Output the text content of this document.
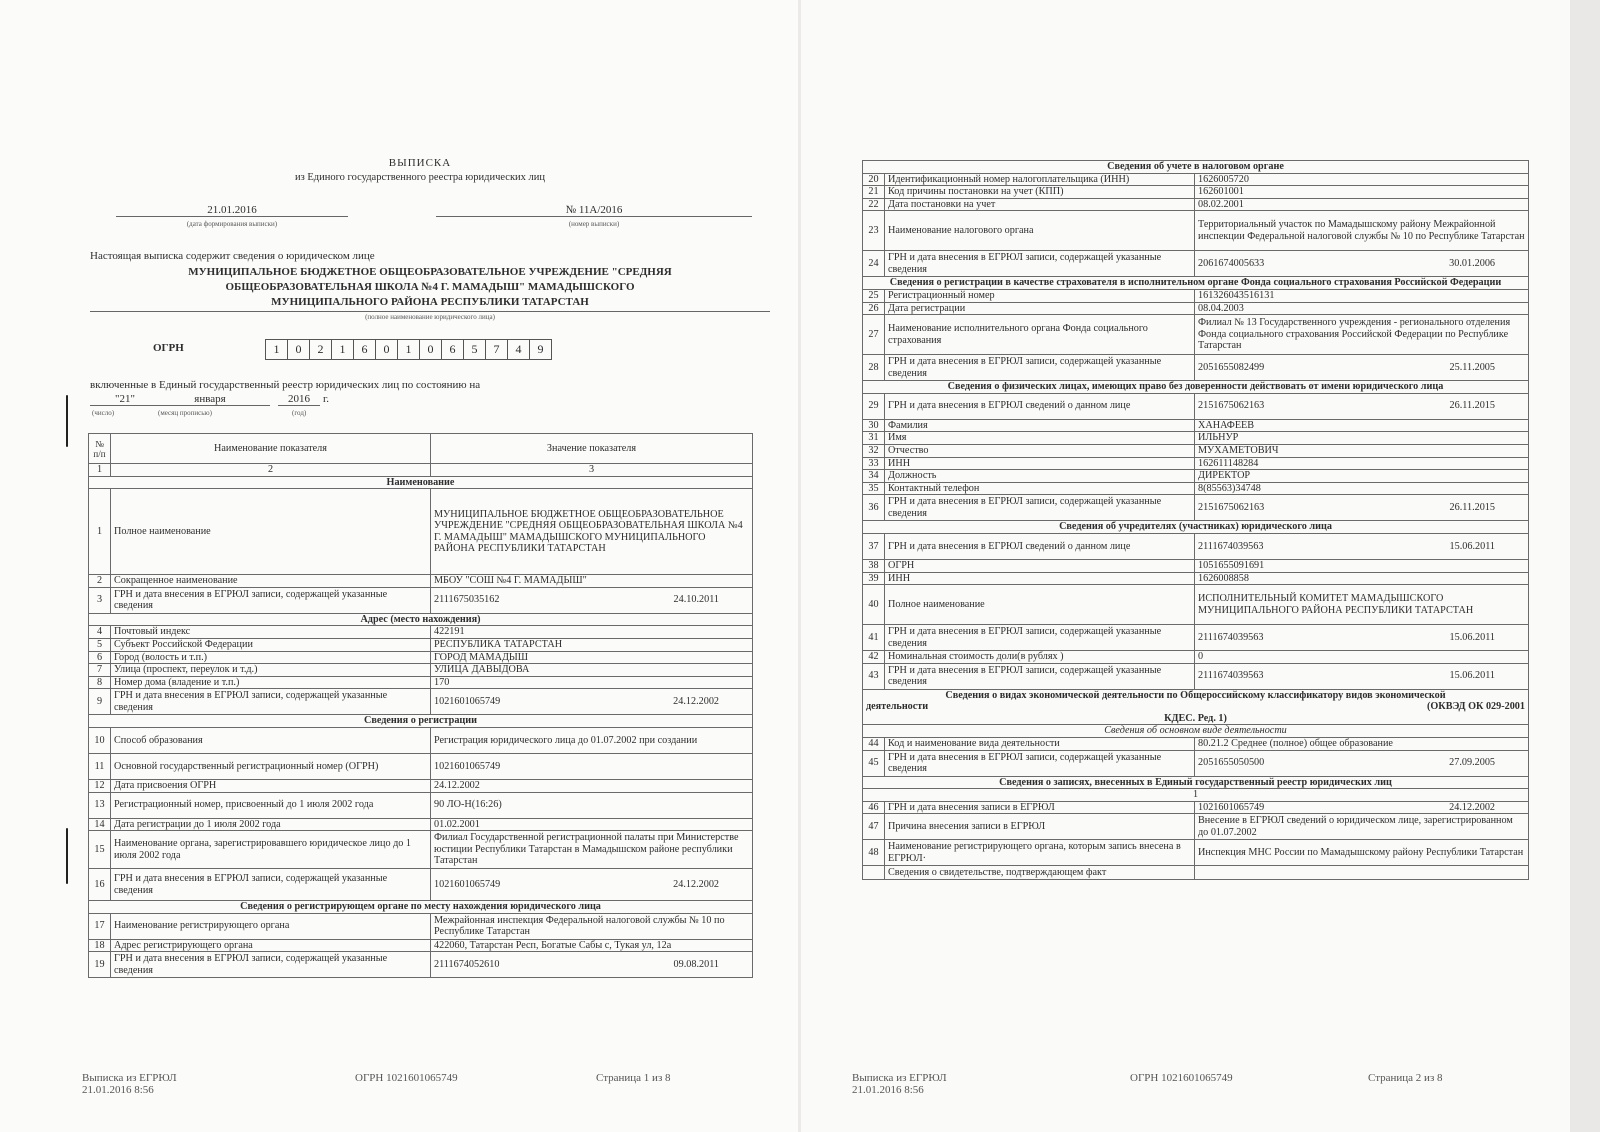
ВЫПИСКА
из Единого государственного реестра юридических лиц
21.01.2016
(дата формирования выписки)
№ 11А/2016
(номер выписки)
Настоящая выписка содержит сведения о юридическом лице
МУНИЦИПАЛЬНОЕ БЮДЖЕТНОЕ ОБЩЕОБРАЗОВАТЕЛЬНОЕ УЧРЕЖДЕНИЕ "СРЕДНЯЯ
ОБЩЕОБРАЗОВАТЕЛЬНАЯ ШКОЛА №4 Г. МАМАДЫШ" МАМАДЫШСКОГО
МУНИЦИПАЛЬНОГО РАЙОНА РЕСПУБЛИКИ ТАТАРСТАН
(полное наименование юридического лица)
ОГРН	1 0 2 1 6 0 1 0 6 5 7 4 9
включенные в Единый государственный реестр юридических лиц по состоянию на
"21"	января	2016	г.
(число)	(месяц прописью)	(год)
№
п/п	Наименование показателя	Значение показателя
1	2	3
Наименование		
1	Полное наименование	МУНИЦИПАЛЬНОЕ БЮДЖЕТНОЕ ОБЩЕОБРАЗОВАТЕЛЬНОЕ УЧРЕЖДЕНИЕ "СРЕДНЯЯ ОБЩЕОБРАЗОВАТЕЛЬНАЯ ШКОЛА №4 Г. МАМАДЫШ" МАМАДЫШСКОГО МУНИЦИПАЛЬНОГО РАЙОНА РЕСПУБЛИКИ ТАТАРСТАН
2	Сокращенное наименование	МБОУ "СОШ №4 Г. МАМАДЫШ"
3	ГРН и дата внесения в ЕГРЮЛ записи, содержащей указанные сведения	2111675035162 24.10.2011

Адрес (место нахождения)		
4	Почтовый индекс	422191
5	Субъект Российской Федерации	РЕСПУБЛИКА ТАТАРСТАН
6	Город (волость и т.п.)	ГОРОД МАМАДЫШ
7	Улица (проспект, переулок и т.д.)	УЛИЦА ДАВЫДОВА
8	Номер дома (владение и т.п.)	170
9	ГРН и дата внесения в ЕГРЮЛ записи, содержащей указанные сведения	1021601065749 24.12.2002

Сведения о регистрации		
10	Способ образования	Регистрация юридического лица до 01.07.2002 при создании
11	Основной государственный регистрационный номер (ОГРН)	1021601065749
12	Дата присвоения ОГРН	24.12.2002
13	Регистрационный номер, присвоенный до 1 июля 2002 года	90 ЛО-Н(16:26)
14	Дата регистрации до 1 июля 2002 года	01.02.2001
15	Наименование органа, зарегистрировавшего юридическое лицо до 1 июля 2002 года	Филиал Государственной регистрационной палаты при Министерстве юстиции Республики Татарстан в Мамадышском районе республики Татарстан
16	ГРН и дата внесения в ЕГРЮЛ записи, содержащей указанные сведения	1021601065749 24.12.2002

Сведения о регистрирующем органе по месту нахождения юридического лица		
17	Наименование регистрирующего органа	Межрайонная инспекция Федеральной налоговой службы № 10 по Республике Татарстан
18	Адрес регистрирующего органа	422060, Татарстан Респ, Богатые Сабы с, Тукая ул, 12а
19	ГРН и дата внесения в ЕГРЮЛ записи, содержащей указанные сведения	2111674052610 09.08.2011
Выписка из ЕГРЮЛ
21.01.2016 8:56
ОГРН 1021601065749	Страница 1 из 8
Сведения об учете в налоговом органе		
20	Идентификационный номер налогоплательщика (ИНН)	1626005720
21	Код причины постановки на учет (КПП)	162601001
22	Дата постановки на учет	08.02.2001
23	Наименование налогового органа	Территориальный участок по Мамадышскому району Межрайонной инспекции Федеральной налоговой службы № 10 по Республике Татарстан
24	ГРН и дата внесения в ЕГРЮЛ записи, содержащей указанные сведения	2061674005633 30.01.2006

Сведения о регистрации в качестве страхователя в исполнительном органе Фонда социального страхования Российской Федерации		
25	Регистрационный номер	161326043516131
26	Дата регистрации	08.04.2003
27	Наименование исполнительного органа Фонда социального страхования	Филиал № 13 Государственного учреждения - регионального отделения Фонда социального страхования Российской Федерации по Республике Татарстан
28	ГРН и дата внесения в ЕГРЮЛ записи, содержащей указанные сведения	2051655082499 25.11.2005

Сведения о физических лицах, имеющих право без доверенности действовать от имени юридического лица		
29	ГРН и дата внесения в ЕГРЮЛ сведений о данном лице	2151675062163 26.11.2015

30	Фамилия	ХАНАФЕЕВ
31	Имя	ИЛЬНУР
32	Отчество	МУХАМЕТОВИЧ
33	ИНН	162611148284
34	Должность	ДИРЕКТОР
35	Контактный телефон	8(85563)34748
36	ГРН и дата внесения в ЕГРЮЛ записи, содержащей указанные сведения	2151675062163 26.11.2015

Сведения об учредителях (участниках) юридического лица		
37	ГРН и дата внесения в ЕГРЮЛ сведений о данном лице	2111674039563 15.06.2011

38	ОГРН	1051655091691
39	ИНН	1626008858
40	Полное наименование	ИСПОЛНИТЕЛЬНЫЙ КОМИТЕТ МАМАДЫШСКОГО МУНИЦИПАЛЬНОГО РАЙОНА РЕСПУБЛИКИ ТАТАРСТАН
41	ГРН и дата внесения в ЕГРЮЛ записи, содержащей указанные сведения	2111674039563 15.06.2011

42	Номинальная стоимость доли(в рублях )	0
43	ГРН и дата внесения в ЕГРЮЛ записи, содержащей указанные сведения	2111674039563 15.06.2011

Сведения о видах экономической деятельности по Общероссийскому классификатору видов экономической
деятельности (ОКВЭД ОК 029-2001
КДЕС. Ред. 1)		

Сведения об основном виде деятельности		
44	Код и наименование вида деятельности	80.21.2 Среднее (полное) общее образование
45	ГРН и дата внесения в ЕГРЮЛ записи, содержащей указанные сведения	2051655050500 27.09.2005

Сведения о записях, внесенных в Единый государственный реестр юридических лиц		
1		
46	ГРН и дата внесения записи в ЕГРЮЛ	1021601065749 24.12.2002

47	Причина внесения записи в ЕГРЮЛ	Внесение в ЕГРЮЛ сведений о юридическом лице, зарегистрированном до 01.07.2002
48	Наименование регистрирующего органа, которым запись внесена в ЕГРЮЛ·	Инспекция МНС России по Мамадышскому району Республики Татарстан
	Сведения о свидетельстве, подтверждающем факт	
Выписка из ЕГРЮЛ
21.01.2016 8:56
ОГРН 1021601065749	Страница 2 из 8
